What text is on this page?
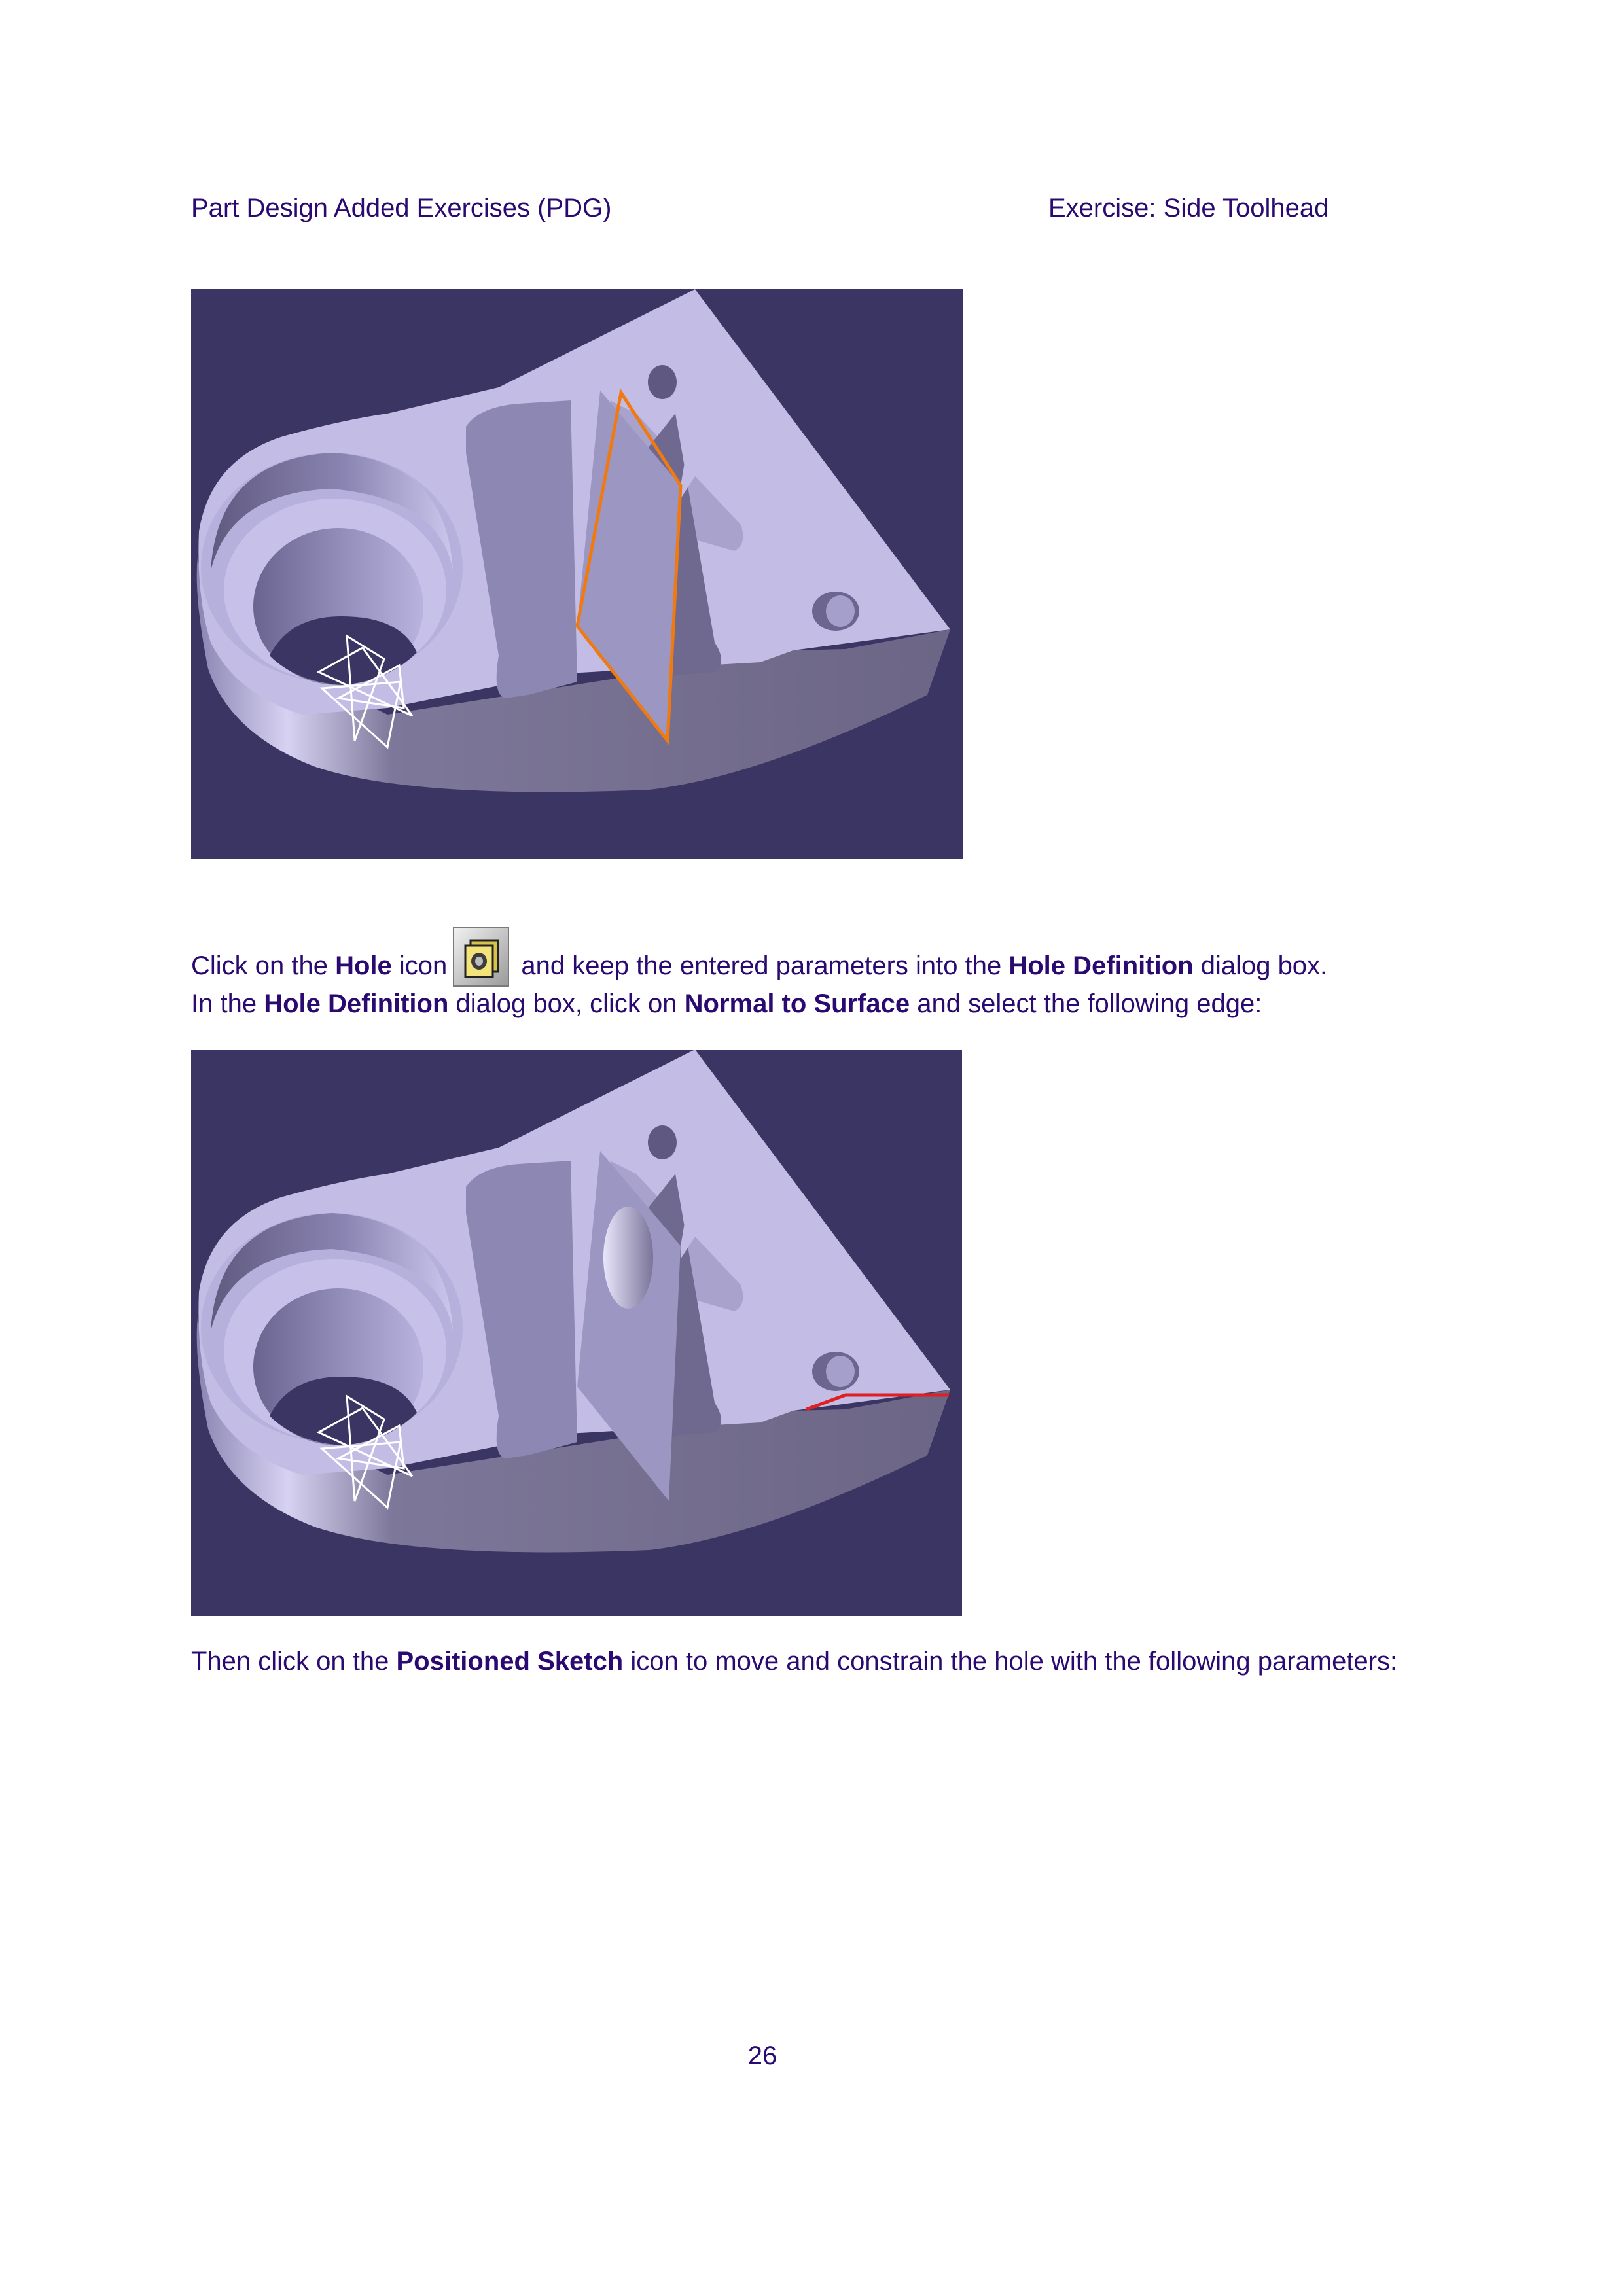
Part Design Added Exercises (PDG)	Exercise: Side Toolhead

Click on the Hole icon	and keep the entered parameters into the Hole Definition dialog box.

In the Hole Definition dialog box, click on Normal to Surface and select the following edge:

Then click on the Positioned Sketch icon to move and constrain the hole with the following parameters:

26
